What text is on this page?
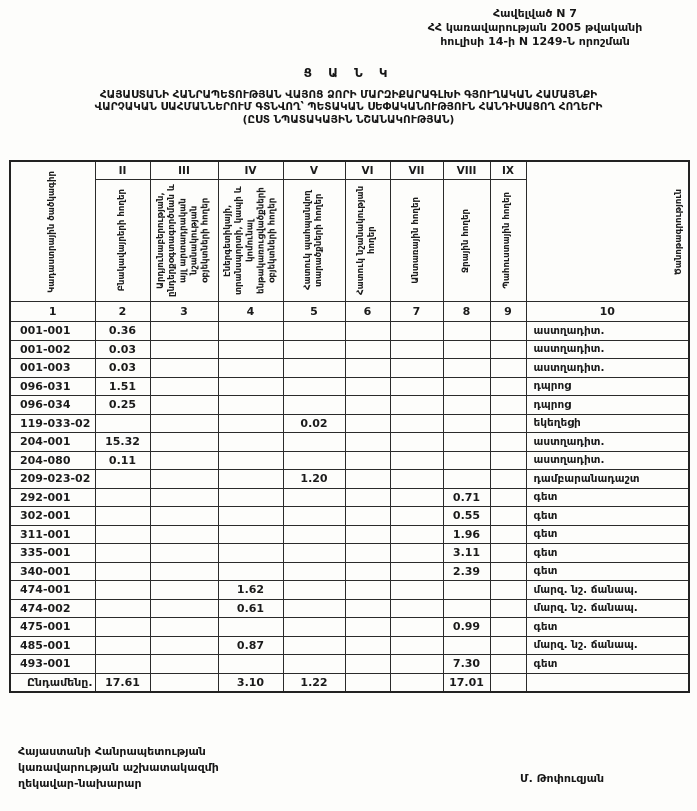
Հավելված N 7
ՀՀ կառավարության 2005 թվականի
հուլիսի 14-ի N 1249-Ն որոշման
Ց Ա Ն Կ
ՀԱՅԱՍՏԱՆԻ ՀԱՆՐԱՊԵՏՈՒԹՅԱՆ ՎԱՅՈՑ ՁՈՐԻ ՄԱՐԶԻՔԱՐԱԳԼԽԻ ԳՅՈՒՂԱԿԱՆ ՀԱՄԱՅՆՔԻ
ՎԱՐՉԱԿԱՆ ՍԱՀՄԱՆՆԵՐՈՒՄ ԳՏՆՎՈՂ՝ ՊԵՏԱԿԱՆ ՍԵՓԱԿԱՆՈՒԹՅՈՒՆ ՀԱՆԴԻՍԱՑՈՂ ՀՈՂԵՐԻ
(ԸՍՏ ՆՊԱՏԱԿԱՅԻՆ ՆՇԱՆԱԿՈՒԹՅԱՆ)
Կադաստրային ծածկագիր	II	III	IV	V	VI	VII	VIII	IX	Ծանոթագրություն

	Բնակավայրերի հողեր	Արդյունաբերության, ընդերքօգտագործման և այլ արտադրական նշանակության օբյեկտների հողեր	Էներգետիկայի, տրանսպորտի, կապի և կոմունալ ենթակառուցվածքների օբյեկտների հողեր	Հատուկ պահպանվող տարածքների հողեր	Հատուկ նշանակության հողեր	Անտառային հողեր	Ջրային հողեր	Պահուստային հողեր	

1	2	3	4	5	6	7	8	9	10
001-001	0.36								աստղադիտ.
001-002	0.03								աստղադիտ.
001-003	0.03								աստղադիտ.
096-031	1.51								դպրոց
096-034	0.25								դպրոց
119-033-02				0.02					եկեղեցի
204-001	15.32								աստղադիտ.
204-080	0.11								աստղադիտ.
209-023-02				1.20					դամբարանադաշտ
292-001							0.71		գետ
302-001							0.55		գետ
311-001							1.96		գետ
335-001							3.11		գետ
340-001							2.39		գետ
474-001			1.62						մարզ. նշ. ճանապ.
474-002			0.61						մարզ. նշ. ճանապ.
475-001							0.99		գետ
485-001			0.87						մարզ. նշ. ճանապ.
493-001							7.30		գետ
Ընդամենը.	17.61		3.10	1.22			17.01		
Հայաստանի Հանրապետության
կառավարության աշխատակազմի
ղեկավար-նախարար	Մ. Թոփուզյան
